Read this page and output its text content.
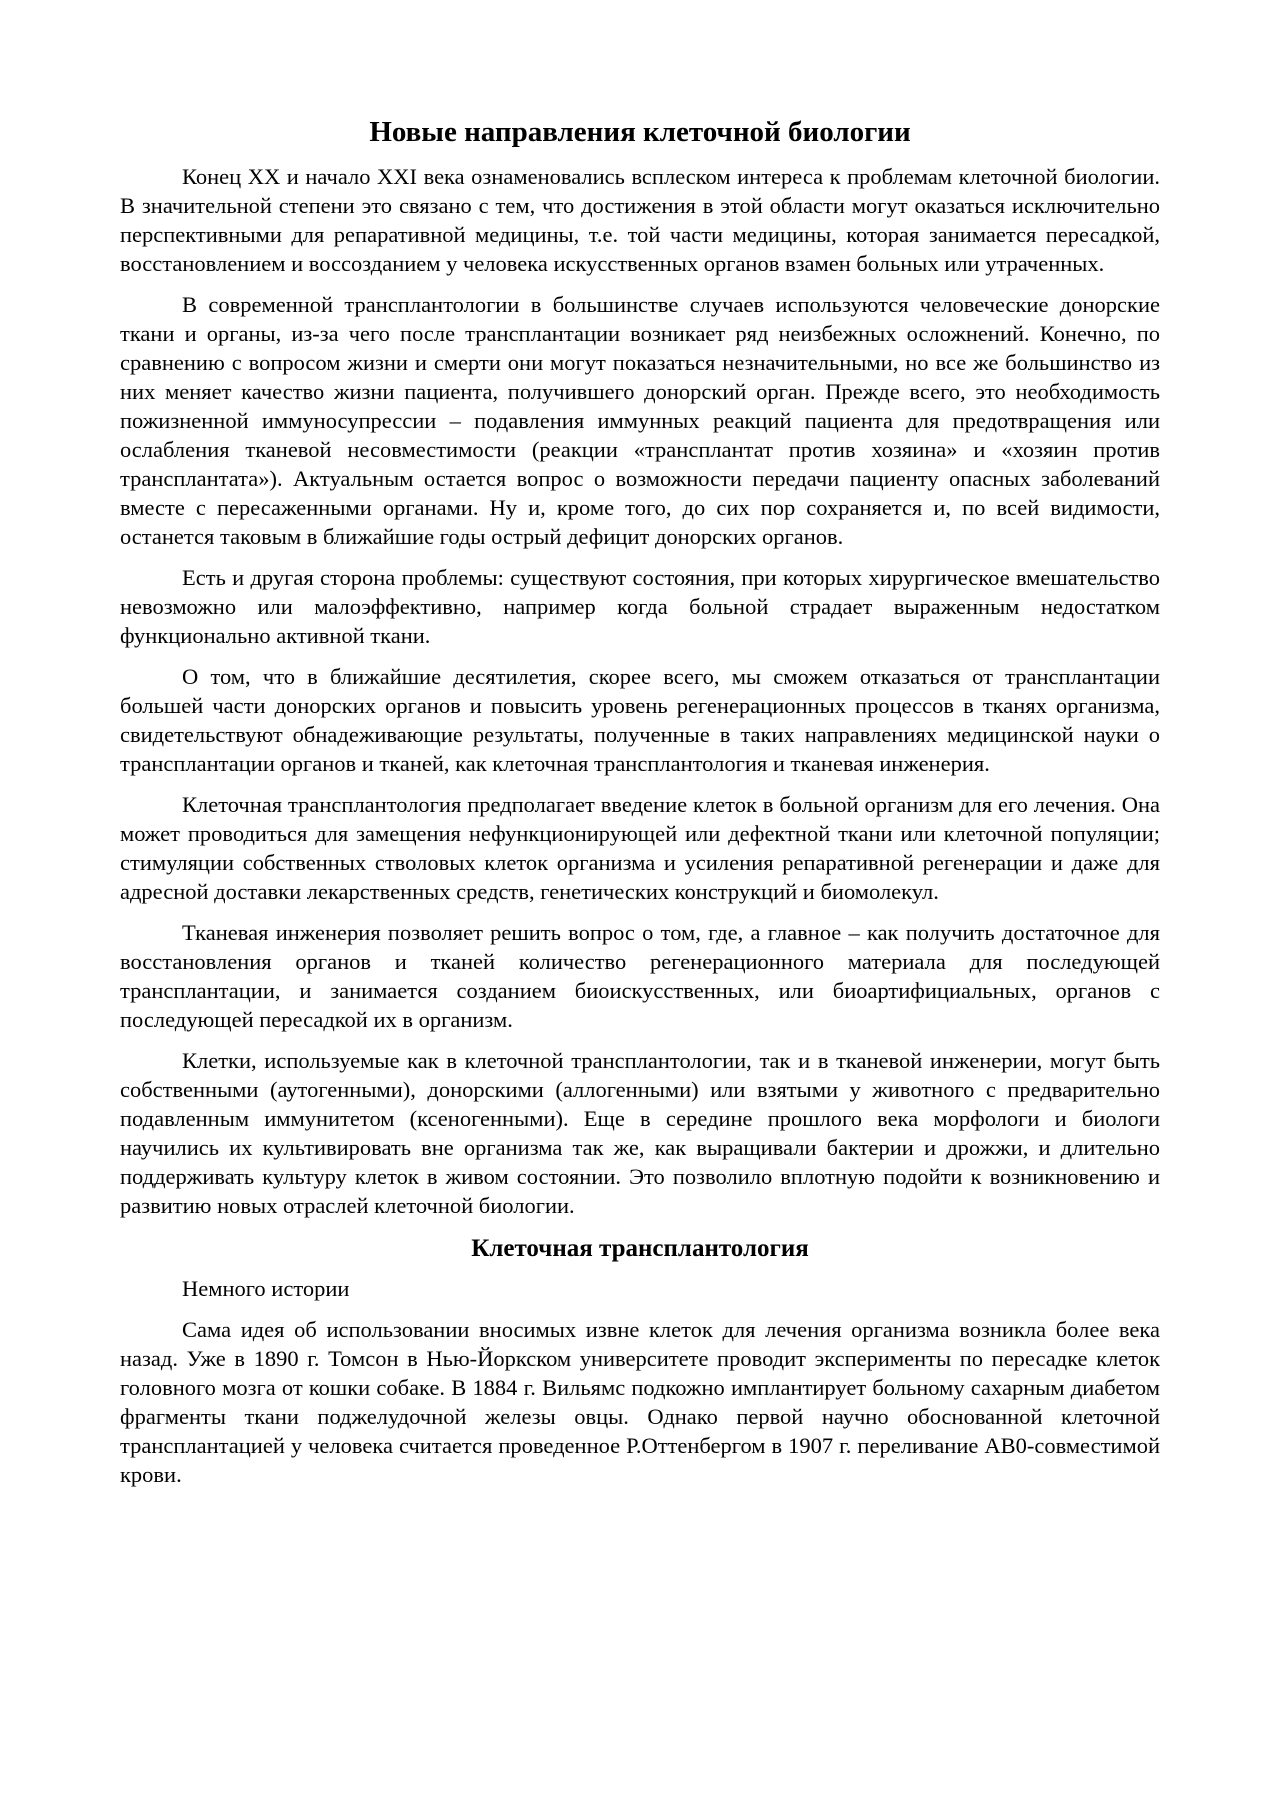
Новые направления клеточной биологии

Конец XX и начало XXI века ознаменовались всплеском интереса к проблемам клеточной биологии. В значительной степени это связано с тем, что достижения в этой области могут оказаться исключительно перспективными для репаративной медицины, т.е. той части медицины, которая занимается пересадкой, восстановлением и воссозданием у человека искусственных органов взамен больных или утраченных.

В современной трансплантологии в большинстве случаев используются человеческие донорские ткани и органы, из-за чего после трансплантации возникает ряд неизбежных осложнений. Конечно, по сравнению с вопросом жизни и смерти они могут показаться незначительными, но все же большинство из них меняет качество жизни пациента, получившего донорский орган. Прежде всего, это необходимость пожизненной иммуносупрессии – подавления иммунных реакций пациента для предотвращения или ослабления тканевой несовместимости (реакции «трансплантат против хозяина» и «хозяин против трансплантата»). Актуальным остается вопрос о возможности передачи пациенту опасных заболеваний вместе с пересаженными органами. Ну и, кроме того, до сих пор сохраняется и, по всей видимости, останется таковым в ближайшие годы острый дефицит донорских органов.

Есть и другая сторона проблемы: существуют состояния, при которых хирургическое вмешательство невозможно или малоэффективно, например когда больной страдает выраженным недостатком функционально активной ткани.

О том, что в ближайшие десятилетия, скорее всего, мы сможем отказаться от трансплантации большей части донорских органов и повысить уровень регенерационных процессов в тканях организма, свидетельствуют обнадеживающие результаты, полученные в таких направлениях медицинской науки о трансплантации органов и тканей, как клеточная трансплантология и тканевая инженерия.

Клеточная трансплантология предполагает введение клеток в больной организм для его лечения. Она может проводиться для замещения нефункционирующей или дефектной ткани или клеточной популяции; стимуляции собственных стволовых клеток организма и усиления репаративной регенерации и даже для адресной доставки лекарственных средств, генетических конструкций и биомолекул.

Тканевая инженерия позволяет решить вопрос о том, где, а главное – как получить достаточное для восстановления органов и тканей количество регенерационного материала для последующей трансплантации, и занимается созданием биоискусственных, или биоартифициальных, органов с последующей пересадкой их в организм.

Клетки, используемые как в клеточной трансплантологии, так и в тканевой инженерии, могут быть собственными (аутогенными), донорскими (аллогенными) или взятыми у животного с предварительно подавленным иммунитетом (ксеногенными). Еще в середине прошлого века морфологи и биологи научились их культивировать вне организма так же, как выращивали бактерии и дрожжи, и длительно поддерживать культуру клеток в живом состоянии. Это позволило вплотную подойти к возникновению и развитию новых отраслей клеточной биологии.

Клеточная трансплантология

Немного истории

Сама идея об использовании вносимых извне клеток для лечения организма возникла более века назад. Уже в 1890 г. Томсон в Нью-Йоркском университете проводит эксперименты по пересадке клеток головного мозга от кошки собаке. В 1884 г. Вильямс подкожно имплантирует больному сахарным диабетом фрагменты ткани поджелудочной железы овцы. Однако первой научно обоснованной клеточной трансплантацией у человека считается проведенное Р.Оттенбергом в 1907 г. переливание АВ0-совместимой крови.
